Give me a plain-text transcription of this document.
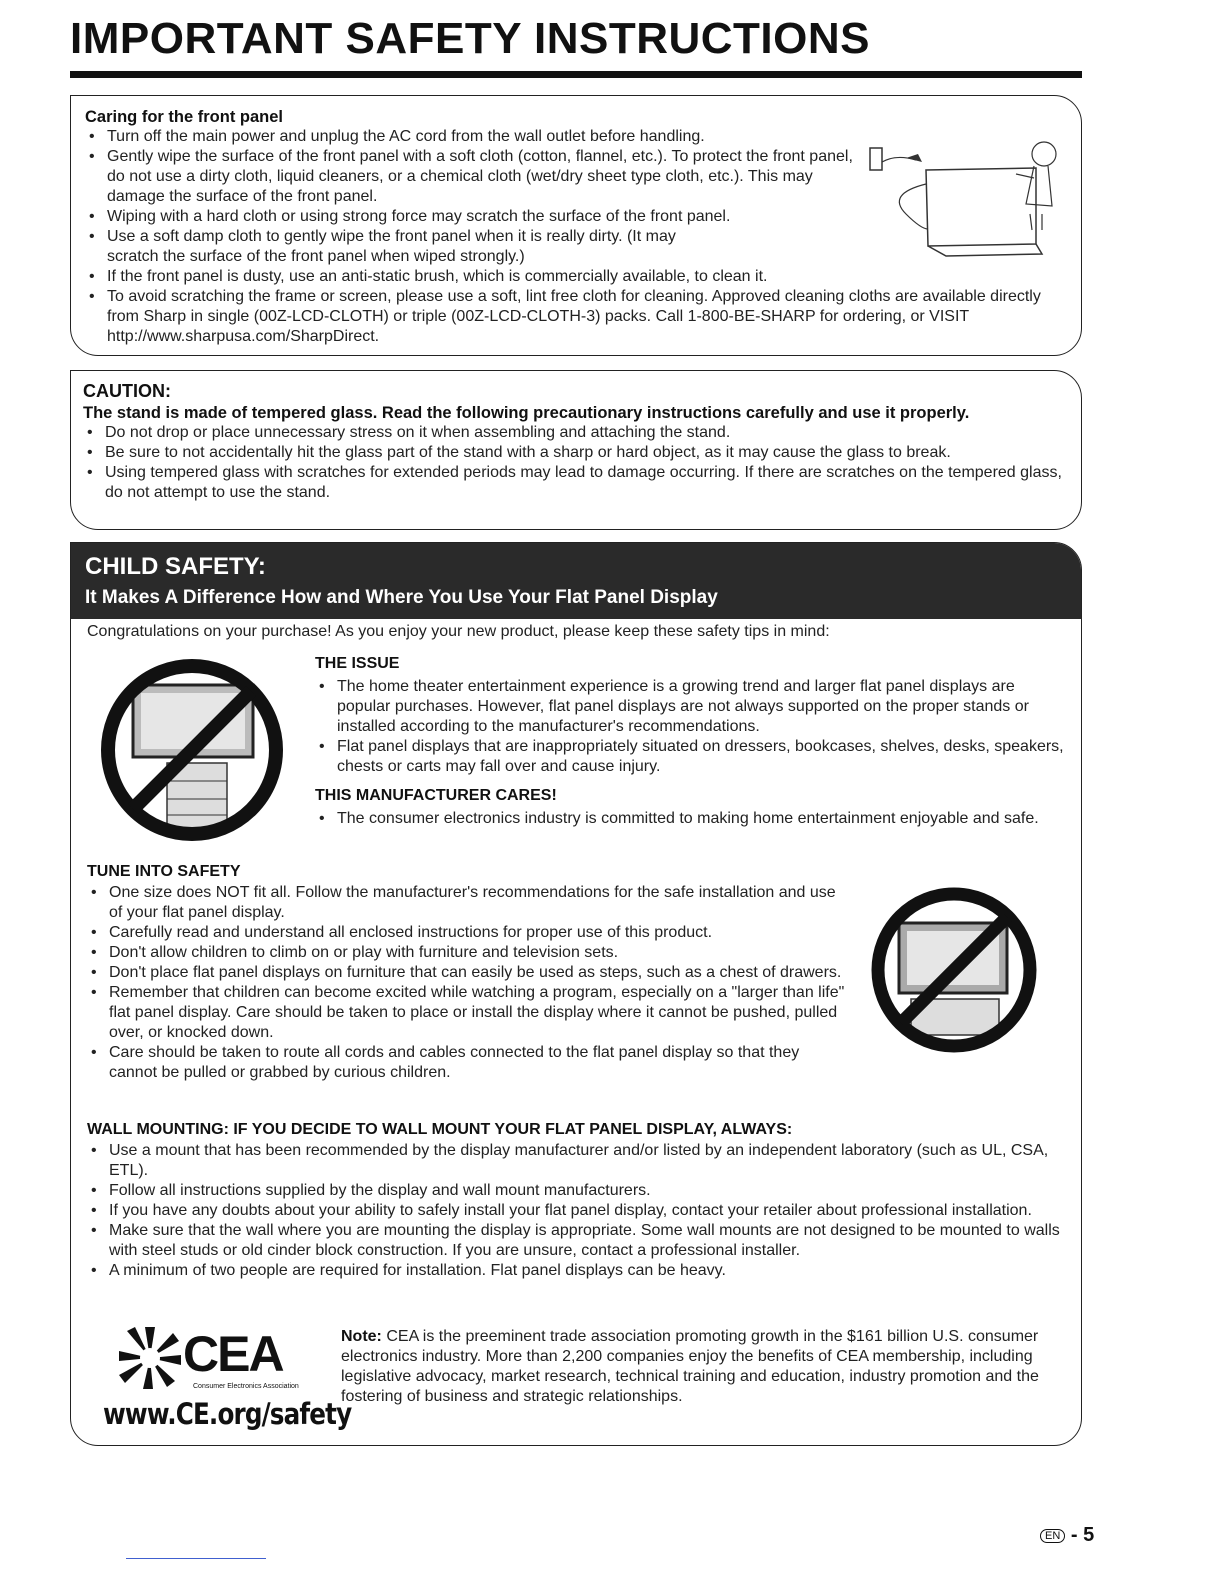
IMPORTANT SAFETY INSTRUCTIONS
Caring for the front panel
• Turn off the main power and unplug the AC cord from the wall outlet before handling.
• Gently wipe the surface of the front panel with a soft cloth (cotton, flannel, etc.). To protect the front panel, do not use a dirty cloth, liquid cleaners, or a chemical cloth (wet/dry sheet type cloth, etc.). This may damage the surface of the front panel.
• Wiping with a hard cloth or using strong force may scratch the surface of the front panel.
• Use a soft damp cloth to gently wipe the front panel when it is really dirty. (It may scratch the surface of the front panel when wiped strongly.)
• If the front panel is dusty, use an anti-static brush, which is commercially available, to clean it.
• To avoid scratching the frame or screen, please use a soft, lint free cloth for cleaning. Approved cleaning cloths are available directly from Sharp in single (00Z-LCD-CLOTH) or triple (00Z-LCD-CLOTH-3) packs. Call 1-800-BE-SHARP for ordering, or VISIT http://www.sharpusa.com/SharpDirect.

CAUTION:

The stand is made of tempered glass. Read the following precautionary instructions carefully and use it properly.

• Do not drop or place unnecessary stress on it when assembling and attaching the stand.
• Be sure to not accidentally hit the glass part of the stand with a sharp or hard object, as it may cause the glass to break.
• Using tempered glass with scratches for extended periods may lead to damage occurring. If there are scratches on the tempered glass, do not attempt to use the stand.

CHILD SAFETY:

It Makes A Difference How and Where You Use Your Flat Panel Display

Congratulations on your purchase! As you enjoy your new product, please keep these safety tips in mind:

THE ISSUE
• The home theater entertainment experience is a growing trend and larger flat panel displays are popular purchases. However, flat panel displays are not always supported on the proper stands or installed according to the manufacturer's recommendations.
• Flat panel displays that are inappropriately situated on dressers, bookcases, shelves, desks, speakers, chests or carts may fall over and cause injury.
THIS MANUFACTURER CARES!
• The consumer electronics industry is committed to making home entertainment enjoyable and safe.

TUNE INTO SAFETY

• One size does NOT fit all. Follow the manufacturer's recommendations for the safe installation and use of your flat panel display.
• Carefully read and understand all enclosed instructions for proper use of this product.
• Don't allow children to climb on or play with furniture and television sets.
• Don't place flat panel displays on furniture that can easily be used as steps, such as a chest of drawers.
• Remember that children can become excited while watching a program, especially on a "larger than life" flat panel display. Care should be taken to place or install the display where it cannot be pushed, pulled over, or knocked down.
• Care should be taken to route all cords and cables connected to the flat panel display so that they cannot be pulled or grabbed by curious children.

WALL MOUNTING: IF YOU DECIDE TO WALL MOUNT YOUR FLAT PANEL DISPLAY, ALWAYS:

• Use a mount that has been recommended by the display manufacturer and/or listed by an independent laboratory (such as UL, CSA, ETL).
• Follow all instructions supplied by the display and wall mount manufacturers.
• If you have any doubts about your ability to safely install your flat panel display, contact your retailer about professional installation.
• Make sure that the wall where you are mounting the display is appropriate. Some wall mounts are not designed to be mounted to walls with steel studs or old cinder block construction. If you are unsure, contact a professional installer.
• A minimum of two people are required for installation. Flat panel displays can be heavy.
CEA
Consumer Electronics Association
www.CE.org/safety

Note: CEA is the preeminent trade association promoting growth in the $161 billion U.S. consumer electronics industry. More than 2,200 companies enjoy the benefits of CEA membership, including legislative advocacy, market research, technical training and education, industry promotion and the fostering of business and strategic relationships.

EN - 5
